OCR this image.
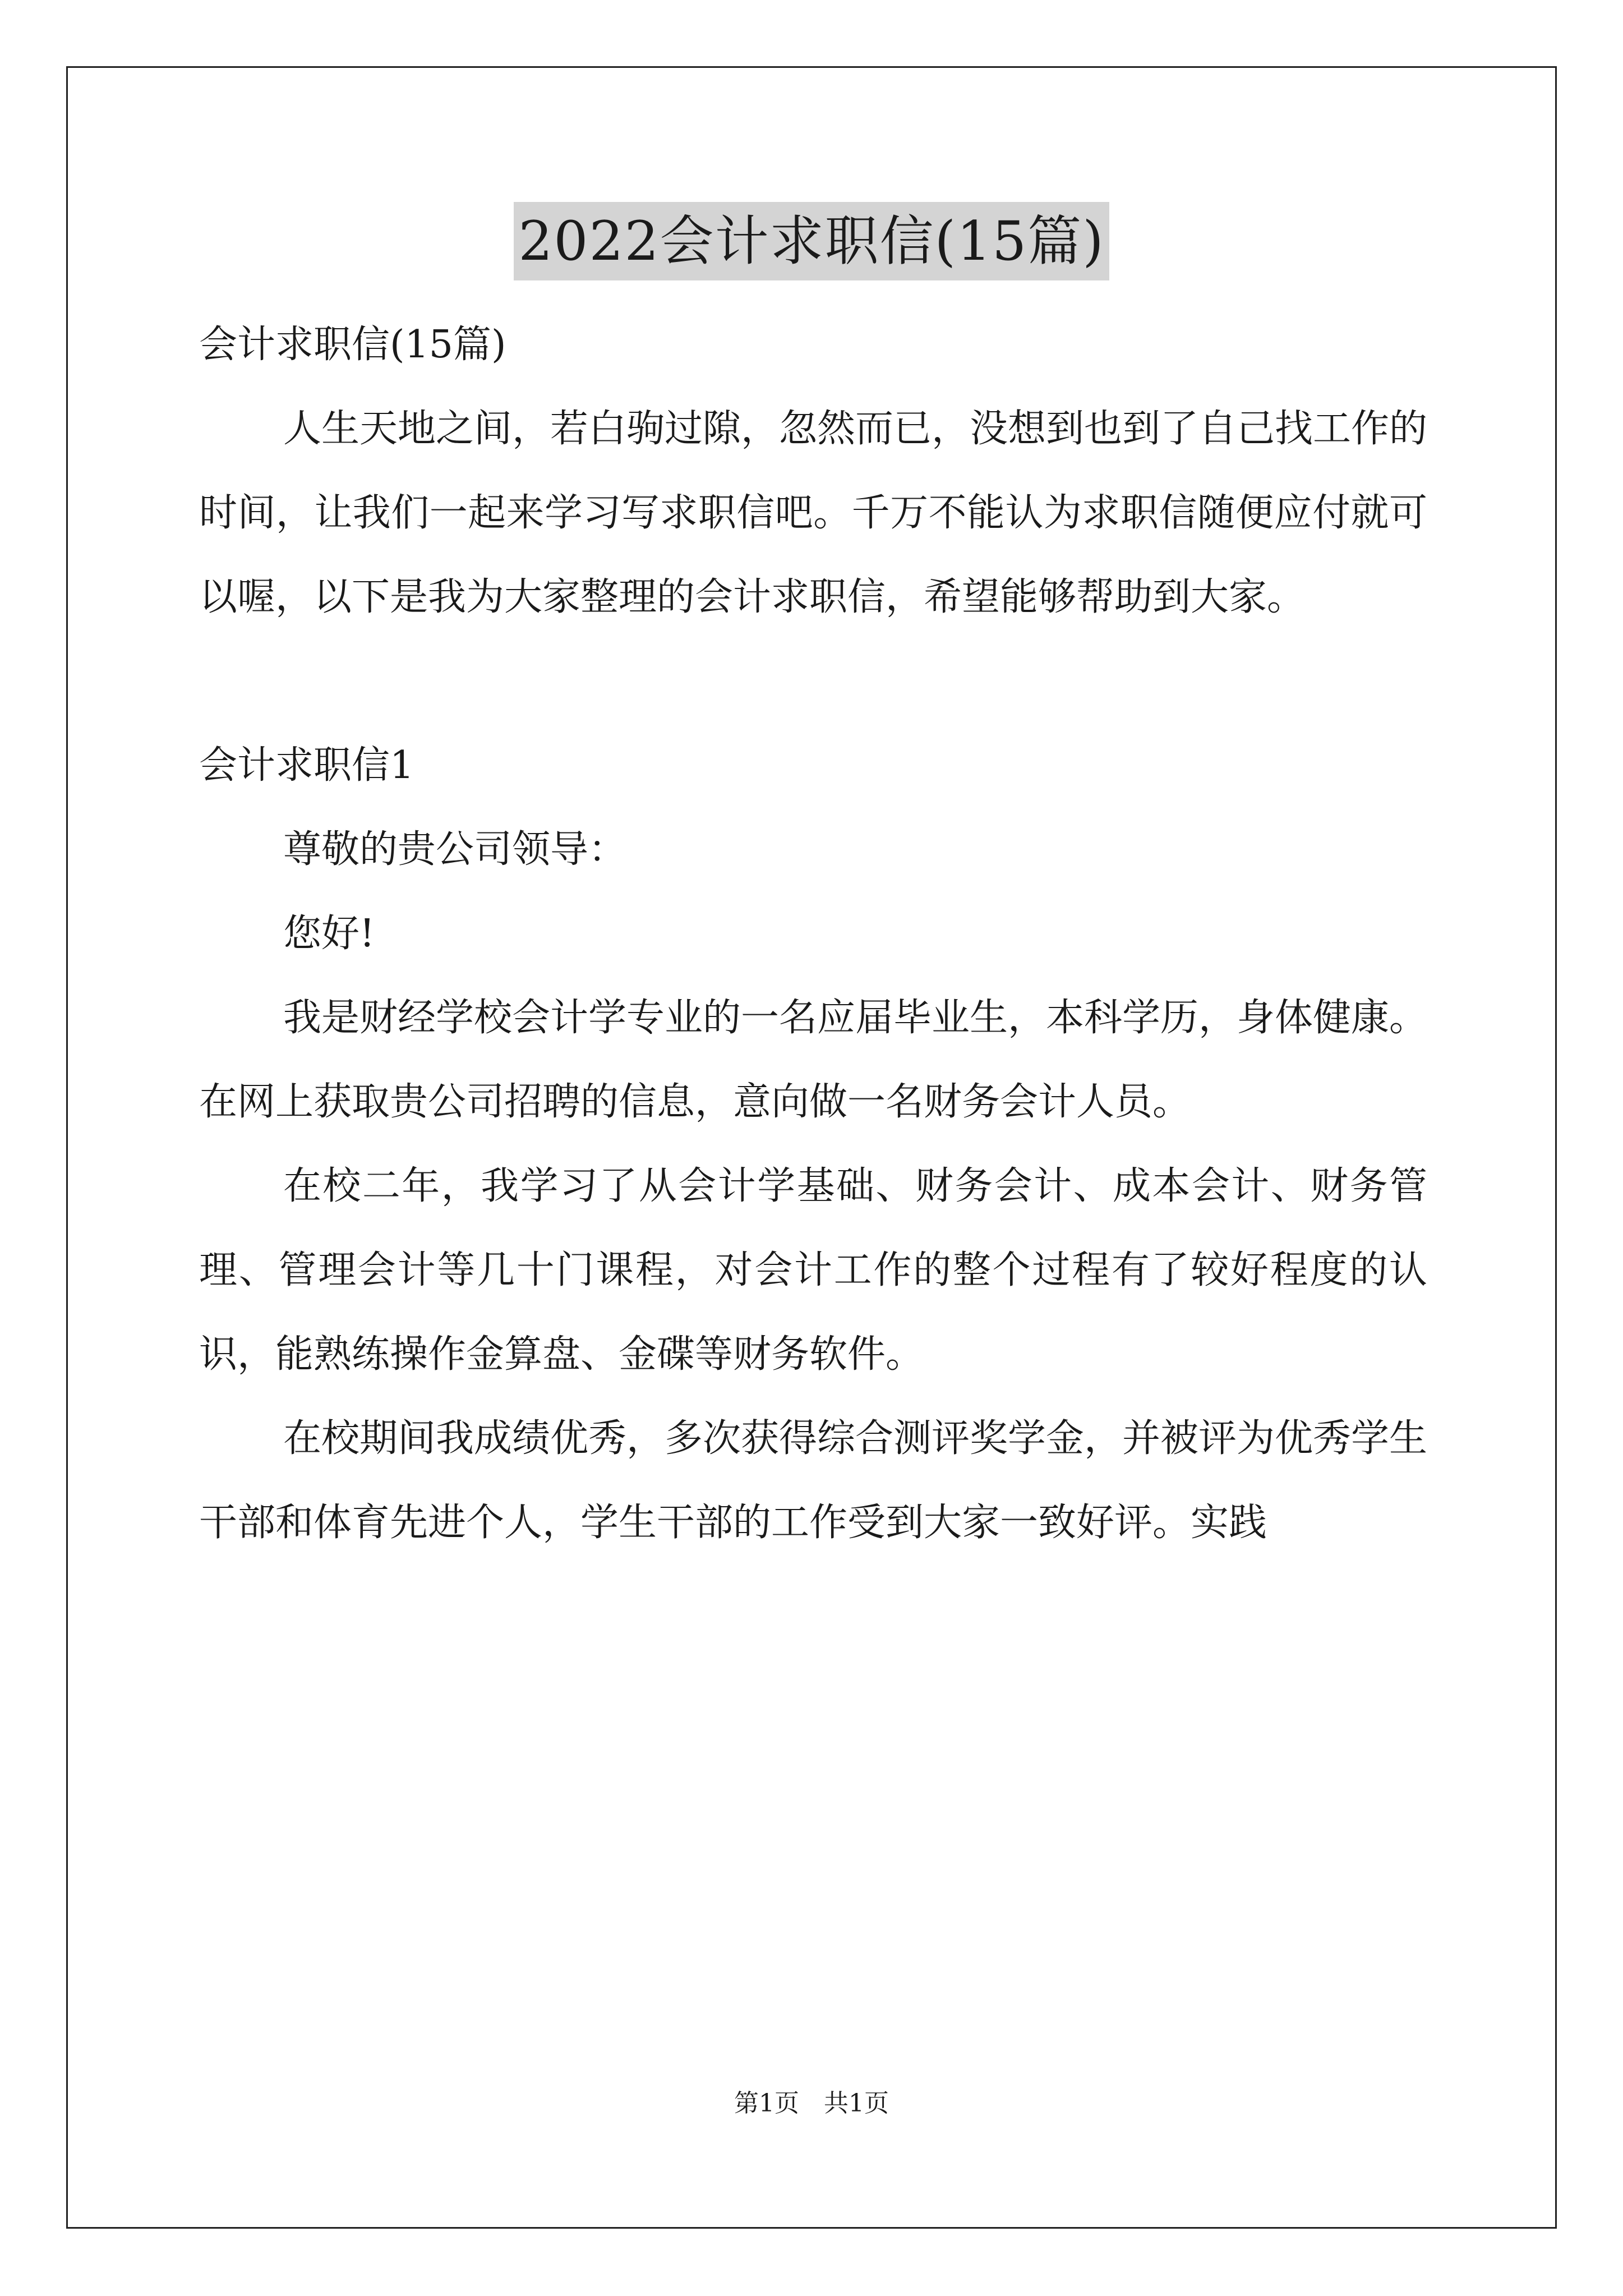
2022会计求职信(15篇)
会计求职信(15篇)
人生天地之间，若白驹过隙，忽然而已，没想到也到了自己找工作的时间，让我们一起来学习写求职信吧。千万不能认为求职信随便应付就可以喔，以下是我为大家整理的会计求职信，希望能够帮助到大家。
会计求职信1
尊敬的贵公司领导：
您好!
我是财经学校会计学专业的一名应届毕业生，本科学历，身体健康。在网上获取贵公司招聘的信息，意向做一名财务会计人员。
在校二年，我学习了从会计学基础、财务会计、成本会计、财务管理、管理会计等几十门课程，对会计工作的整个过程有了较好程度的认识，能熟练操作金算盘、金碟等财务软件。
在校期间我成绩优秀，多次获得综合测评奖学金，并被评为优秀学生干部和体育先进个人，学生干部的工作受到大家一致好评。实践
第1页　共1页
